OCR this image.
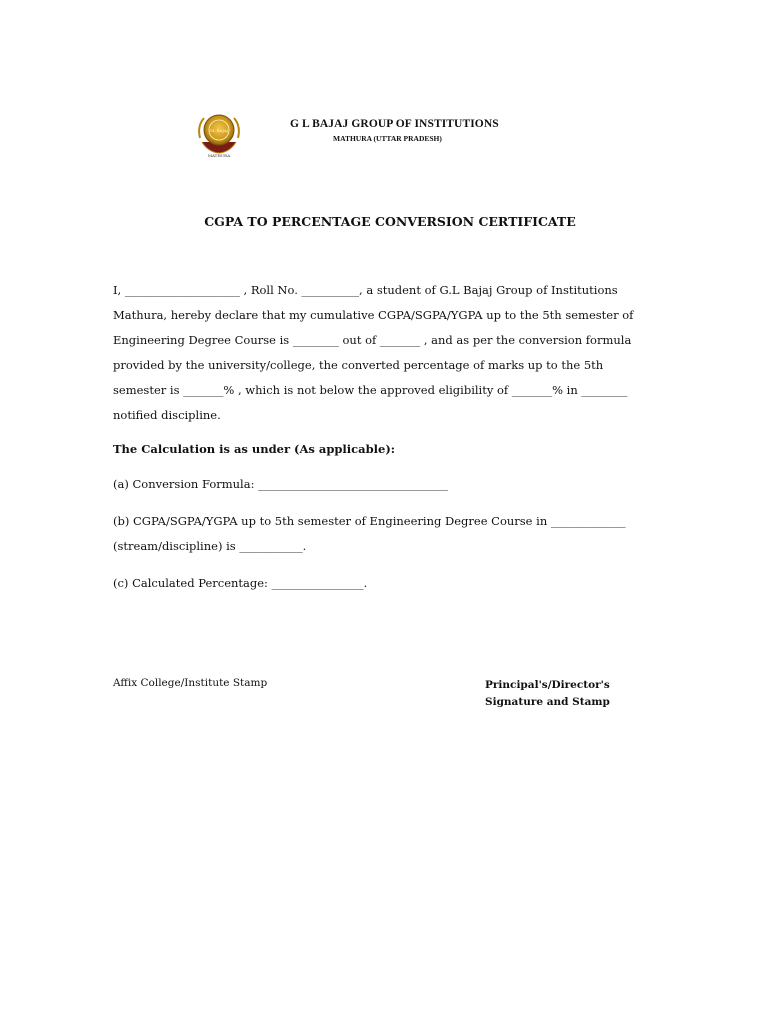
GL BAJAJ
MATHURA
G L BAJAJ GROUP OF INSTITUTIONS
MATHURA (UTTAR PRADESH)
CGPA TO PERCENTAGE CONVERSION CERTIFICATE
I, ____________________ , Roll No. __________, a student of G.L Bajaj Group of Institutions
Mathura, hereby declare that my cumulative CGPA/SGPA/YGPA up to the 5th semester of
Engineering Degree Course is ________ out of _______ , and as per the conversion formula
provided by the university/college, the converted percentage of marks up to the 5th
semester is _______% , which is not below the approved eligibility of _______% in ________
notified discipline.
The Calculation is as under (As applicable):
(a) Conversion Formula: _________________________________
(b) CGPA/SGPA/YGPA up to 5th semester of Engineering Degree Course in _____________
(stream/discipline) is ___________.
(c) Calculated Percentage: ________________.
Affix College/Institute Stamp	Principal's/Director's
Signature and Stamp
